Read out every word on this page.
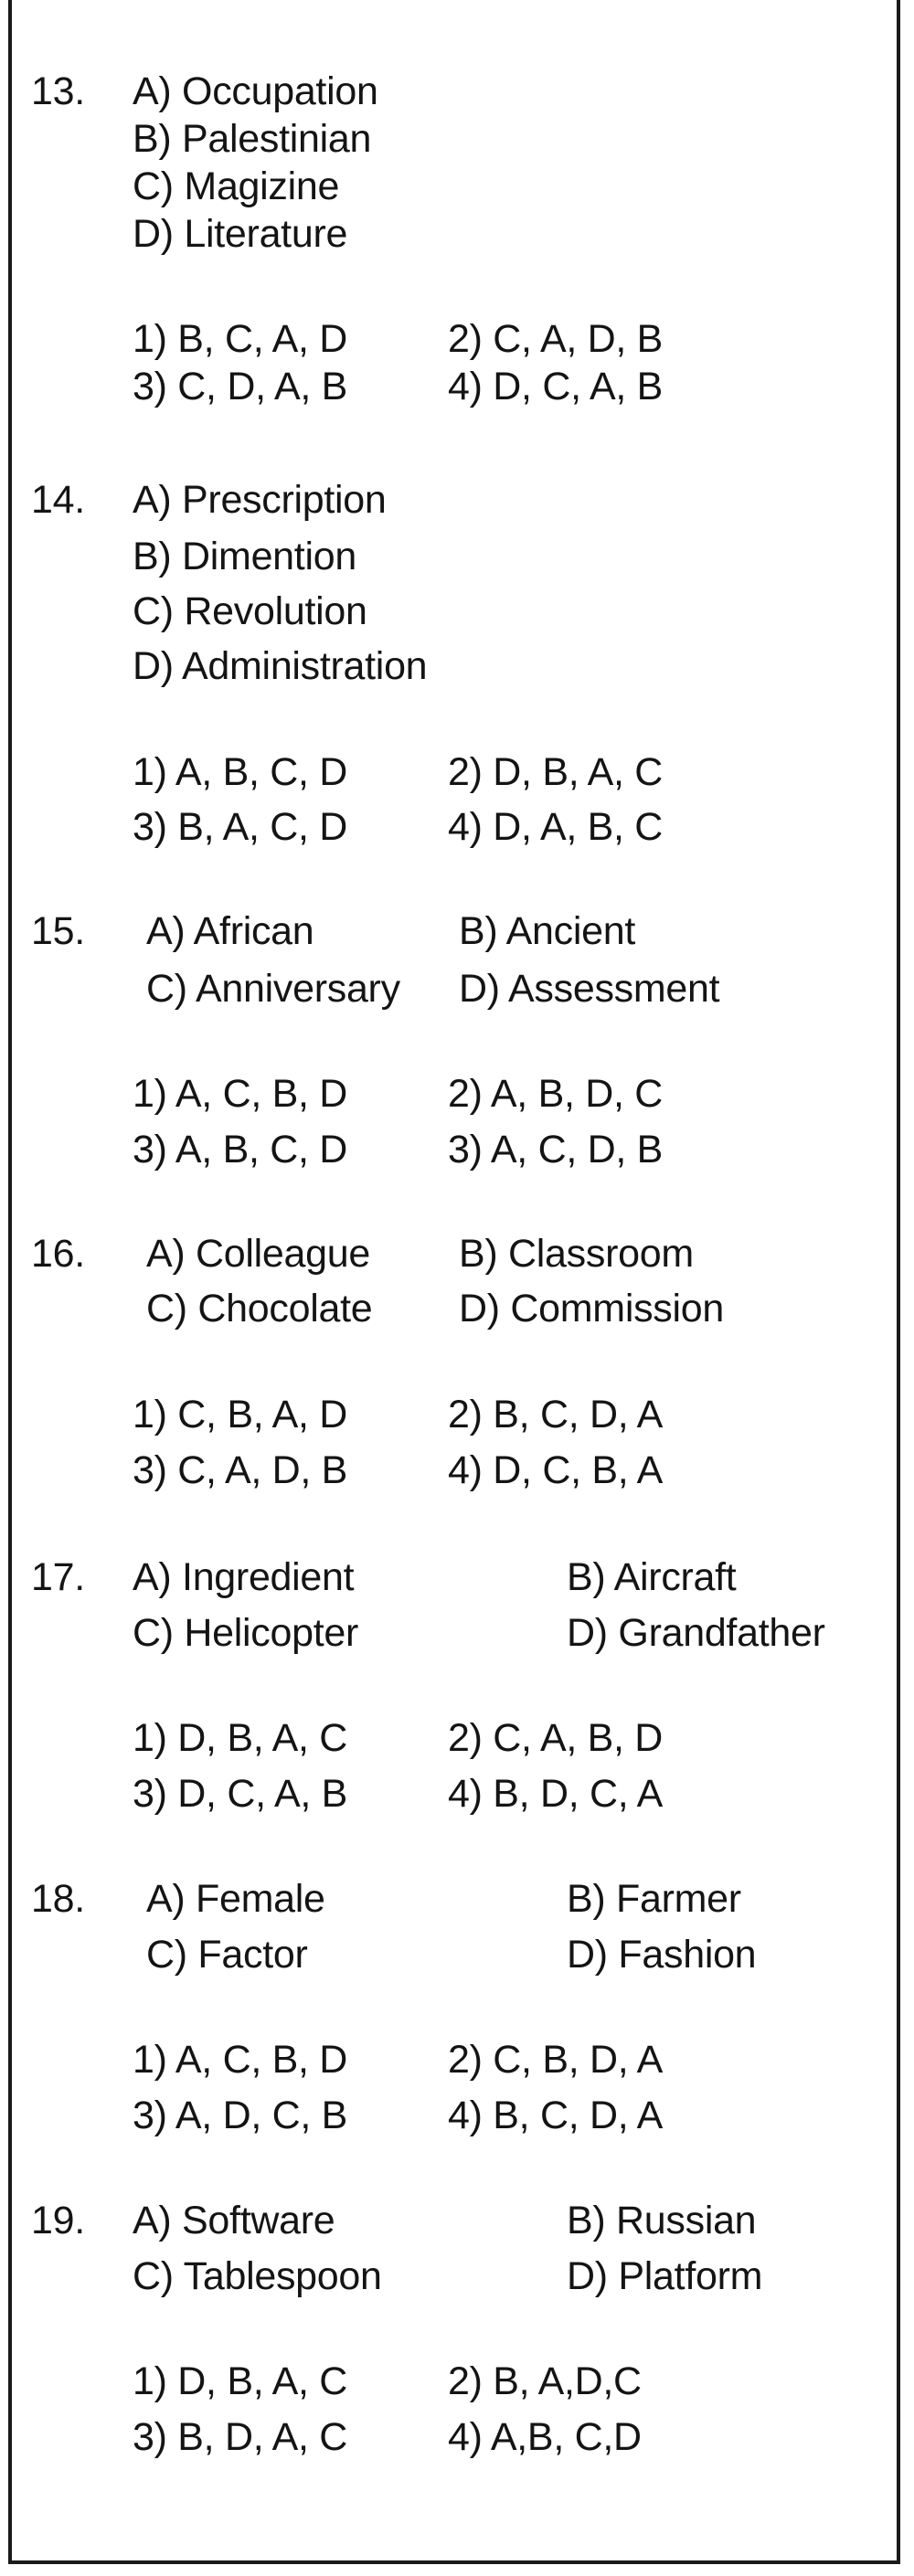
13. A) Occupation
B) Palestinian
C) Magizine
D) Literature
1) B, C, A, D	2) C, A, D, B
3) C, D, A, B	4) D, C, A, B
14. A) Prescription
B) Dimention
C) Revolution
D) Administration
1) A, B, C, D	2) D, B, A, C
3) B, A, C, D	4) D, A, B, C
15. A) African	B) Ancient
C) Anniversary D) Assessment
1) A, C, B, D	2) A, B, D, C
3) A, B, C, D	3) A, C, D, B
16. A) Colleague B) Classroom
C) Chocolate D) Commission
1) C, B, A, D	2) B, C, D, A
3) C, A, D, B	4) D, C, B, A
17. A) Ingredient	B) Aircraft
C) Helicopter	D) Grandfather
1) D, B, A, C	2) C, A, B, D
3) D, C, A, B	4) B, D, C, A
18. A) Female	B) Farmer
C) Factor	D) Fashion
1) A, C, B, D	2) C, B, D, A
3) A, D, C, B	4) B, C, D, A
19. A) Software	B) Russian
C) Tablespoon	D) Platform
1) D, B, A, C	2) B, A,D,C
3) B, D, A, C	4) A,B, C,D
